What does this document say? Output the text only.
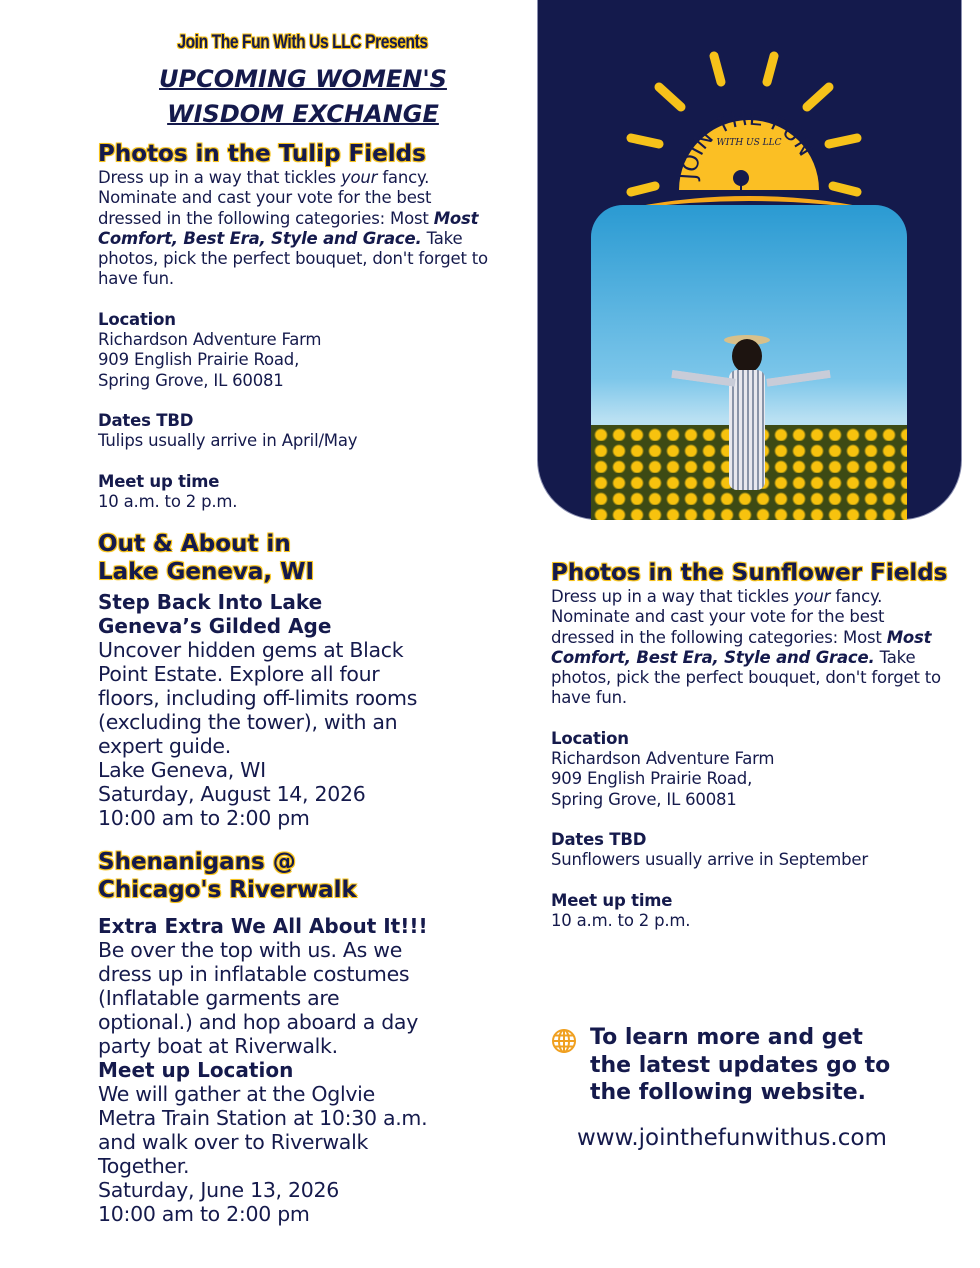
Join The Fun With Us LLC Presents
UPCOMING WOMEN'S WISDOM EXCHANGE
Photos in the Tulip Fields

Dress up in a way that tickles your fancy. Nominate and cast your vote for the best dressed in the following categories: Most Most Comfort, Best Era, Style and Grace. Take photos, pick the perfect bouquet, don't forget to have fun.

Location

Richardson Adventure Farm

909 English Prairie Road,

Spring Grove, IL 60081

Dates TBD

Tulips usually arrive in April/May

Meet up time

10 a.m. to 2 p.m.

Out & About in
Lake Geneva, WI

Step Back Into Lake Geneva’s Gilded Age

Uncover hidden gems at Black Point Estate. Explore all four floors, including off-limits rooms (excluding the tower), with an expert guide.

Lake Geneva, WI

Saturday, August 14, 2026

10:00 am to 2:00 pm

Shenanigans @
Chicago's Riverwalk

Extra Extra We All About It!!!

Be over the top with us. As we dress up in inflatable costumes (Inflatable garments are optional.) and hop aboard a day party boat at Riverwalk.

Meet up Location

We will gather at the Oglvie Metra Train Station at 10:30 a.m. and walk over to Riverwalk Together.

Saturday, June 13, 2026

10:00 am to 2:00 pm

WITH US LLC
JOIN THE FUN
Photos in the Sunflower Fields

Dress up in a way that tickles your fancy. Nominate and cast your vote for the best dressed in the following categories: Most Most Comfort, Best Era, Style and Grace. Take photos, pick the perfect bouquet, don't forget to have fun.

Location

Richardson Adventure Farm

909 English Prairie Road,

Spring Grove, IL 60081

Dates TBD

Sunflowers usually arrive in September

Meet up time

10 a.m. to 2 p.m.

To learn more and get the latest updates go to the following website.

www.jointhefunwithus.com
